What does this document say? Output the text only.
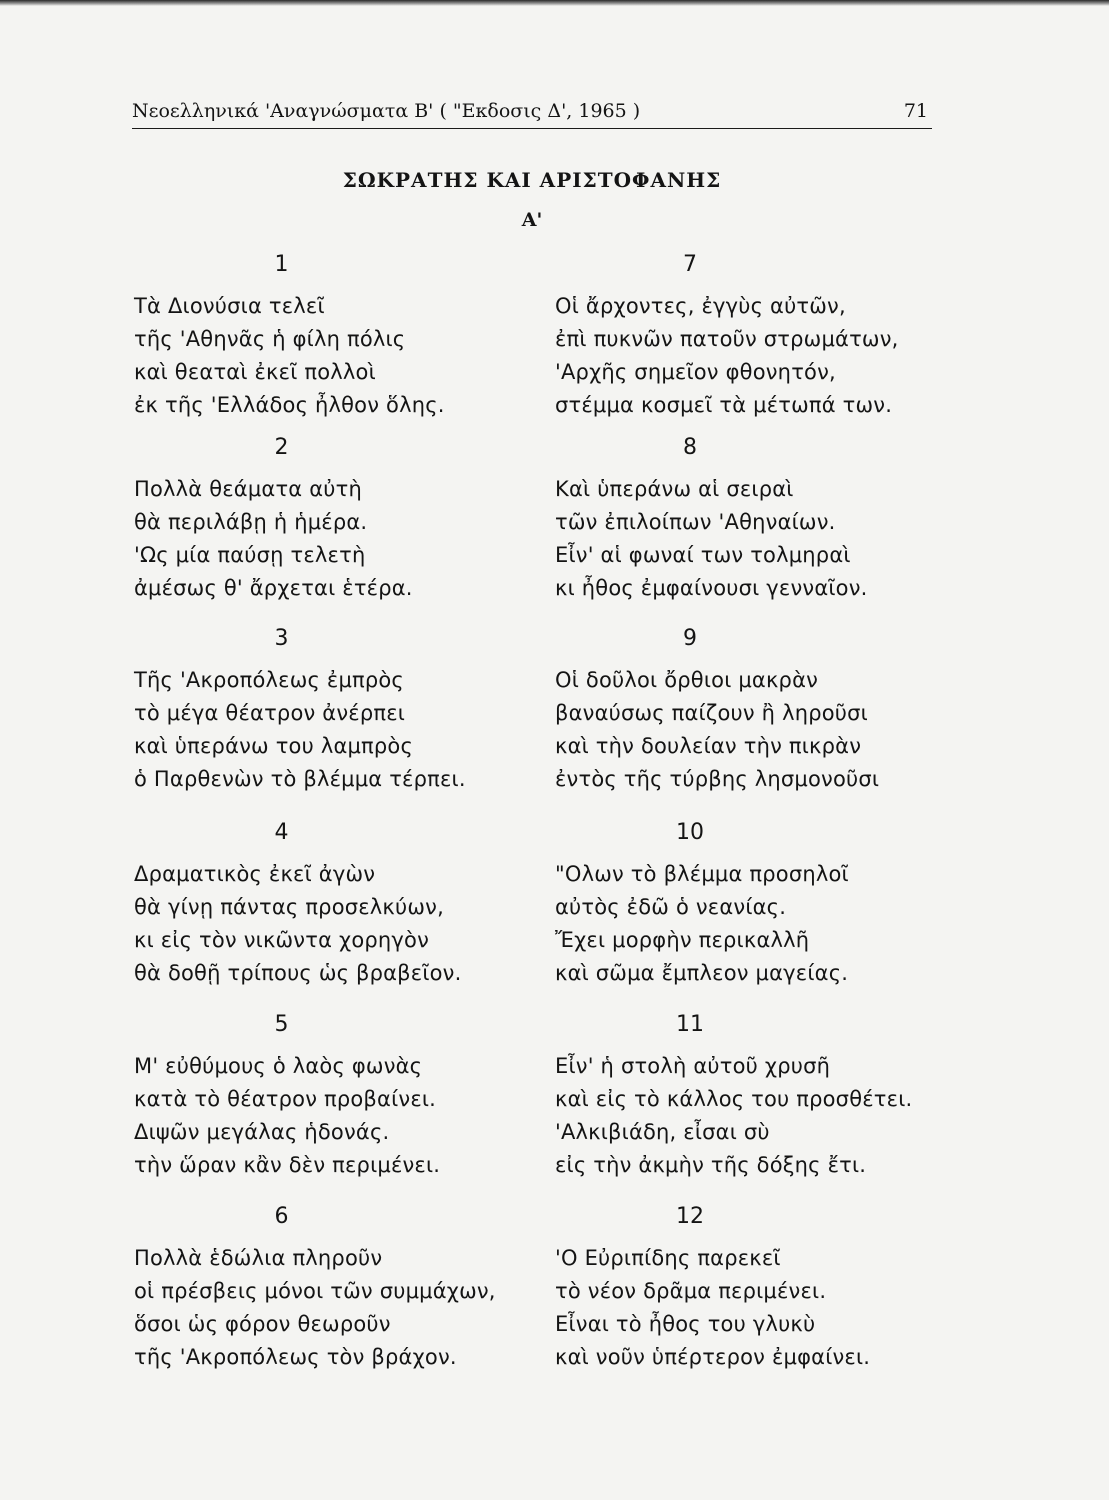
Νεοελληνικά 'Αναγνώσματα Β' ( "Εκδοσις Δ', 1965 )	71
ΣΩΚΡΑΤΗΣ ΚΑΙ ΑΡΙΣΤΟΦΑΝΗΣ
Α'
1
Τὰ Διονύσια τελεῖ
τῆς 'Αθηνᾶς ἡ φίλη πόλις
καὶ θεαταὶ ἐκεῖ πολλοὶ
ἐκ τῆς 'Ελλάδος ἦλθον ὅλης.
2
Πολλὰ θεάματα αὐτὴ
θὰ περιλάβῃ ἡ ἡμέρα.
'Ως μία παύσῃ τελετὴ
ἀμέσως θ' ἄρχεται ἑτέρα.
3
Τῆς 'Ακροπόλεως ἐμπρὸς
τὸ μέγα θέατρον ἀνέρπει
καὶ ὑπεράνω του λαμπρὸς
ὁ Παρθενὼν τὸ βλέμμα τέρπει.
4
Δραματικὸς ἐκεῖ ἀγὼν
θὰ γίνῃ πάντας προσελκύων,
κι εἰς τὸν νικῶντα χορηγὸν
θὰ δοθῇ τρίπους ὡς βραβεῖον.
5
Μ' εὐθύμους ὁ λαὸς φωνὰς
κατὰ τὸ θέατρον προβαίνει.
Διψῶν μεγάλας ἡδονάς.
τὴν ὥραν κἂν δὲν περιμένει.
6
Πολλὰ ἑδώλια πληροῦν
οἱ πρέσβεις μόνοι τῶν συμμάχων,
ὅσοι ὡς φόρον θεωροῦν
τῆς 'Ακροπόλεως τὸν βράχον.
7
Οἱ ἄρχοντες, ἐγγὺς αὐτῶν,
ἐπὶ πυκνῶν πατοῦν στρωμάτων,
'Αρχῆς σημεῖον φθονητόν,
στέμμα κοσμεῖ τὰ μέτωπά των.
8
Καὶ ὑπεράνω αἱ σειραὶ
τῶν ἐπιλοίπων 'Αθηναίων.
Εἶν' αἱ φωναί των τολμηραὶ
κι ἦθος ἐμφαίνουσι γενναῖον.
9
Οἱ δοῦλοι ὄρθιοι μακρὰν
βαναύσως παίζουν ἢ ληροῦσι
καὶ τὴν δουλείαν τὴν πικρὰν
ἐντὸς τῆς τύρβης λησμονοῦσι
10
"Ολων τὸ βλέμμα προσηλοῖ
αὐτὸς ἐδῶ ὁ νεανίας.
Ἔχει μορφὴν περικαλλῆ
καὶ σῶμα ἔμπλεον μαγείας.
11
Εἶν' ἡ στολὴ αὐτοῦ χρυσῆ
καὶ εἰς τὸ κάλλος του προσθέτει.
'Αλκιβιάδη, εἶσαι σὺ
εἰς τὴν ἀκμὴν τῆς δόξης ἔτι.
12
'Ο Εὐριπίδης παρεκεῖ
τὸ νέον δρᾶμα περιμένει.
Εἶναι τὸ ἦθος του γλυκὺ
καὶ νοῦν ὑπέρτερον ἐμφαίνει.
